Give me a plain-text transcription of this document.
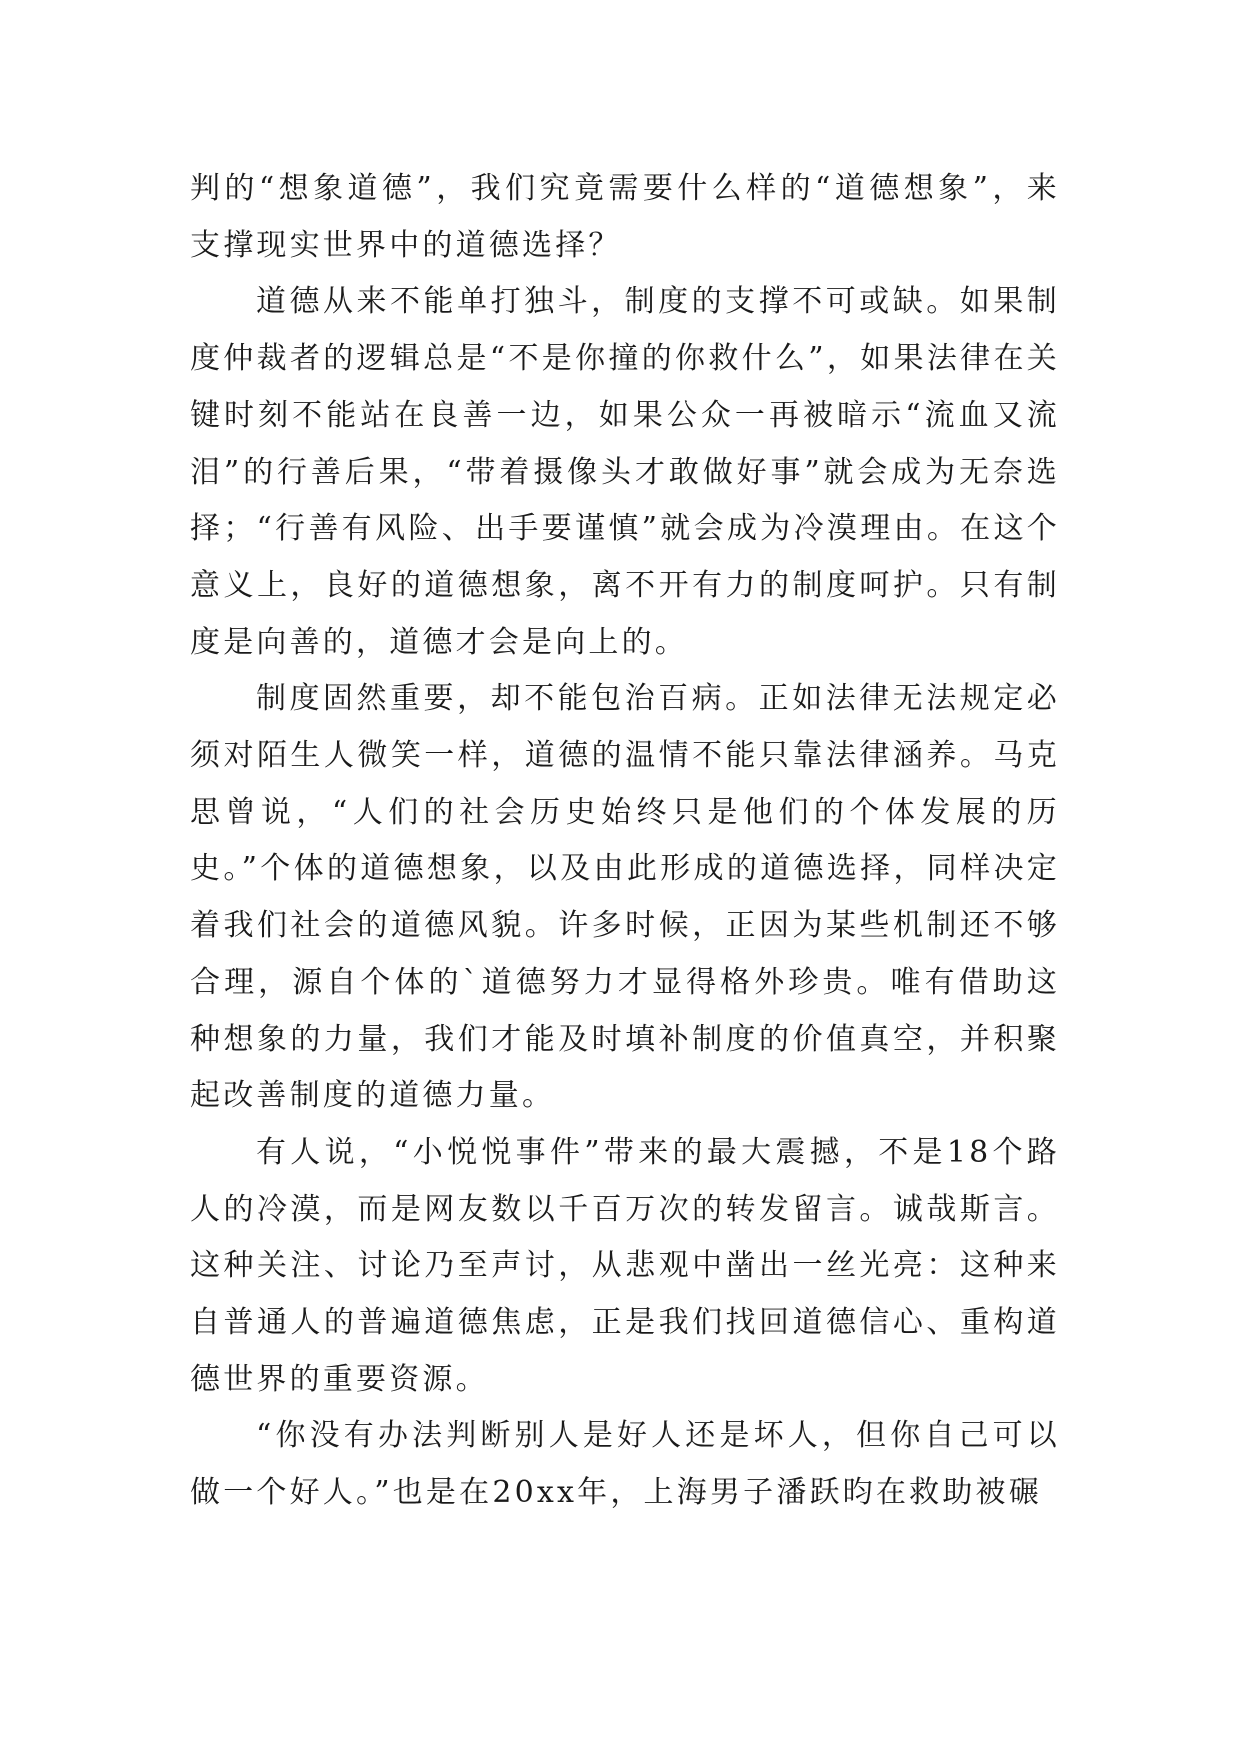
判的“想象道德”，我们究竟需要什么样的“道德想象”，来支撑现实世界中的道德选择？

道德从来不能单打独斗，制度的支撑不可或缺。如果制度仲裁者的逻辑总是“不是你撞的你救什么”，如果法律在关键时刻不能站在良善一边，如果公众一再被暗示“流血又流泪”的行善后果，“带着摄像头才敢做好事”就会成为无奈选择；“行善有风险、出手要谨慎”就会成为冷漠理由。在这个意义上，良好的道德想象，离不开有力的制度呵护。只有制度是向善的，道德才会是向上的。

制度固然重要，却不能包治百病。正如法律无法规定必须对陌生人微笑一样，道德的温情不能只靠法律涵养。马克思曾说，“人们的社会历史始终只是他们的个体发展的历史。”个体的道德想象，以及由此形成的道德选择，同样决定着我们社会的道德风貌。许多时候，正因为某些机制还不够合理，源自个体的`道德努力才显得格外珍贵。唯有借助这种想象的力量，我们才能及时填补制度的价值真空，并积聚起改善制度的道德力量。

有人说，“小悦悦事件”带来的最大震撼，不是18个路人的冷漠，而是网友数以千百万次的转发留言。诚哉斯言。这种关注、讨论乃至声讨，从悲观中凿出一丝光亮：这种来自普通人的普遍道德焦虑，正是我们找回道德信心、重构道德世界的重要资源。

“你没有办法判断别人是好人还是坏人，但你自己可以做一个好人。”也是在20xx年，上海男子潘跃昀在救助被碾
